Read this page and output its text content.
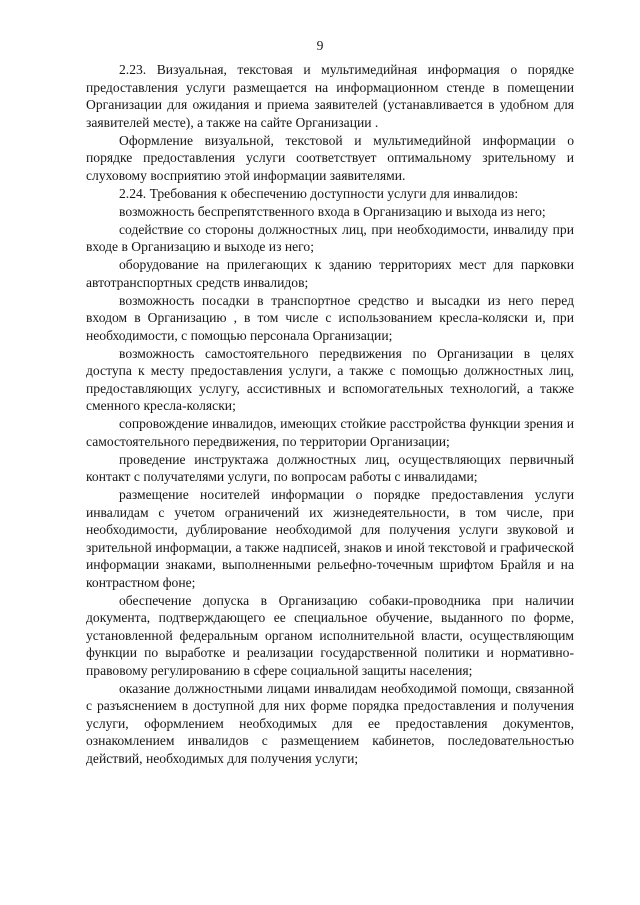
9

2.23. Визуальная, текстовая и мультимедийная информация о порядке предоставления услуги размещается на информационном стенде в помещении Организации для ожидания и приема заявителей (устанавливается в удобном для заявителей месте), а также на сайте Организации .

Оформление визуальной, текстовой и мультимедийной информации о порядке предоставления услуги соответствует оптимальному зрительному и слуховому восприятию этой информации заявителями.

2.24. Требования к обеспечению доступности услуги для инвалидов:

возможность беспрепятственного входа в Организацию и выхода из него;

содействие со стороны должностных лиц, при необходимости, инвалиду при входе в Организацию и выходе из него;

оборудование на прилегающих к зданию территориях мест для парковки автотранспортных средств инвалидов;

возможность посадки в транспортное средство и высадки из него перед входом в Организацию , в том числе с использованием кресла-коляски и, при необходимости, с помощью персонала Организации;

возможность самостоятельного передвижения по Организации в целях доступа к месту предоставления услуги, а также с помощью должностных лиц, предоставляющих услугу, ассистивных и вспомогательных технологий, а также сменного кресла-коляски;

сопровождение инвалидов, имеющих стойкие расстройства функции зрения и самостоятельного передвижения, по территории Организации;

проведение инструктажа должностных лиц, осуществляющих первичный контакт с получателями услуги, по вопросам работы с инвалидами;

размещение носителей информации о порядке предоставления услуги инвалидам с учетом ограничений их жизнедеятельности, в том числе, при необходимости, дублирование необходимой для получения услуги звуковой и зрительной информации, а также надписей, знаков и иной текстовой и графической информации знаками, выполненными рельефно-точечным шрифтом Брайля и на контрастном фоне;

обеспечение допуска в Организацию собаки-проводника при наличии документа, подтверждающего ее специальное обучение, выданного по форме, установленной федеральным органом исполнительной власти, осуществляющим функции по выработке и реализации государственной политики и нормативно-правовому регулированию в сфере социальной защиты населения;

оказание должностными лицами инвалидам необходимой помощи, связанной с разъяснением в доступной для них форме порядка предоставления и получения услуги, оформлением необходимых для ее предоставления документов, ознакомлением инвалидов с размещением кабинетов, последовательностью действий, необходимых для получения услуги;
